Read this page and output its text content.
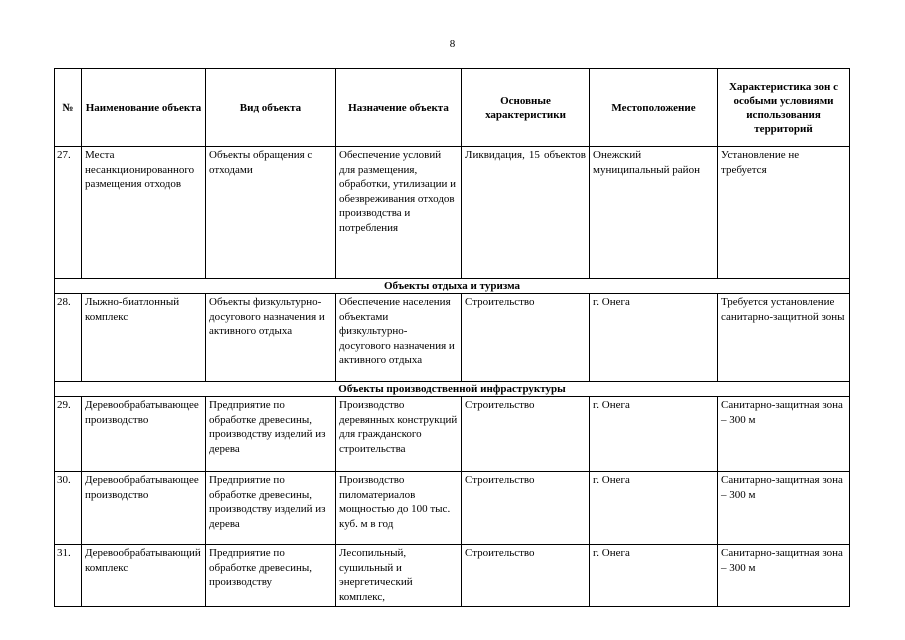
8
№	Наименование объекта	Вид объекта	Назначение объекта	Основные характеристики	Местоположение	Характеристика зон с особыми условиями использования территорий
27.	Места несанкционированного размещения отходов	Объекты обращения с отходами	Обеспечение условий для размещения, обработки, утилизации и обезвреживания отходов производства и потребления	Ликвидация, 15 объектов	Онежский муниципальный район	Установление не требуется
Объекты отдыха и туризма						
28.	Лыжно-биатлонный комплекс	Объекты физкультурно-досугового назначения и активного отдыха	Обеспечение населения объектами физкультурно-досугового назначения и активного отдыха	Строительство	г. Онега	Требуется установление санитарно-защитной зоны
Объекты производственной инфраструктуры						
29.	Деревообрабатывающее производство	Предприятие по обработке древесины, производству изделий из дерева	Производство деревянных конструкций для гражданского строительства	Строительство	г. Онега	Санитарно-защитная зона – 300 м
30.	Деревообрабатывающее производство	Предприятие по обработке древесины, производству изделий из дерева	Производство пиломатериалов мощностью до 100 тыс. куб. м в год	Строительство	г. Онега	Санитарно-защитная зона – 300 м
31.	Деревообрабатывающий комплекс	Предприятие по обработке древесины, производству	Лесопильный, сушильный и энергетический комплекс,	Строительство	г. Онега	Санитарно-защитная зона – 300 м
